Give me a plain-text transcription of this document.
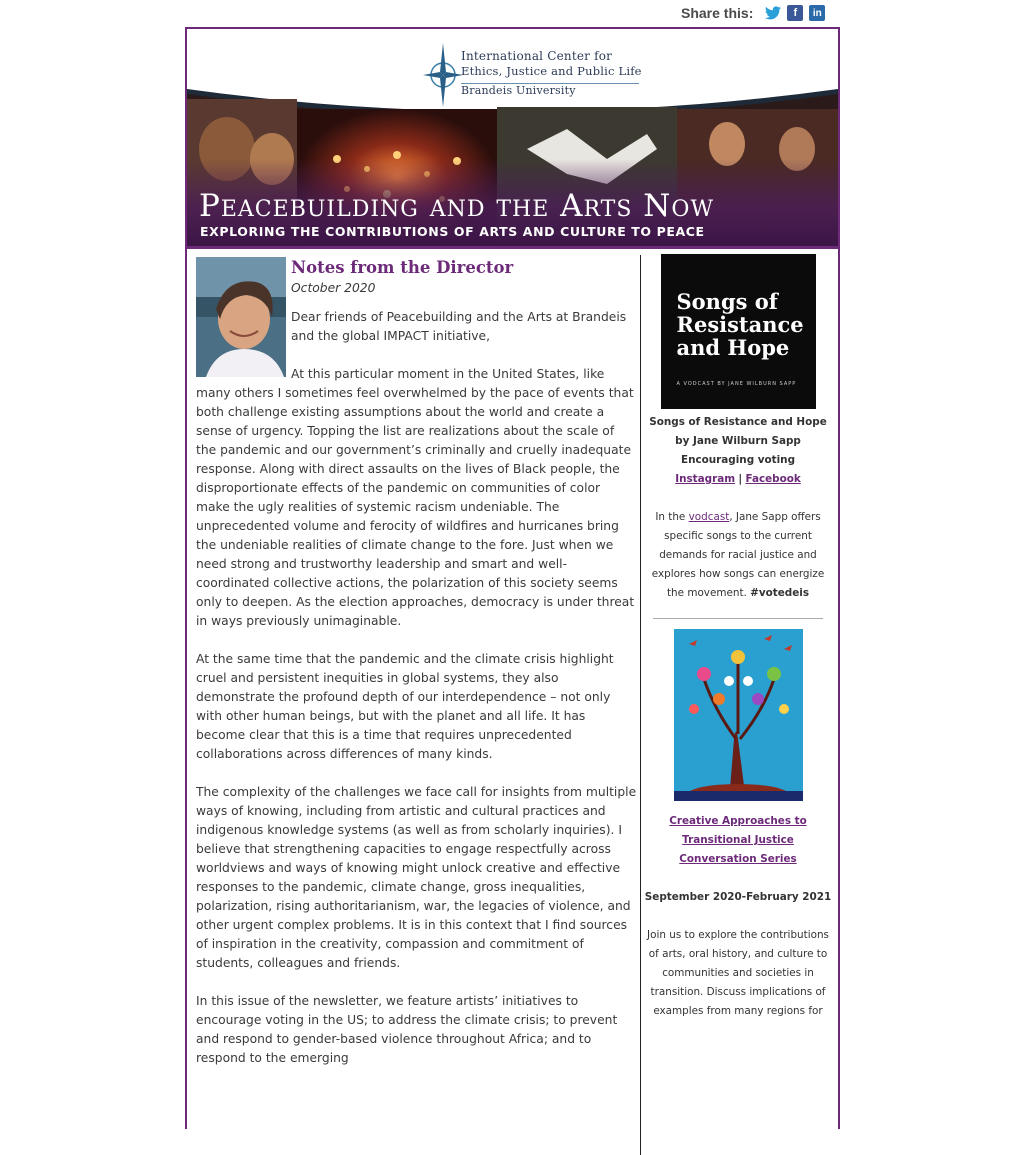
Share this:	f	in
International Center for
Ethics, Justice and Public Life
Brandeis University
Peacebuilding and the Arts Now
EXPLORING THE CONTRIBUTIONS OF ARTS AND CULTURE TO PEACE
Notes from the Director
October 2020

Dear friends of Peacebuilding and the Arts at Brandeis and the global IMPACT initiative,

At this particular moment in the United States, like many others I sometimes feel overwhelmed by the pace of events that both challenge existing assumptions about the world and create a sense of urgency. Topping the list are realizations about the scale of the pandemic and our government’s criminally and cruelly inadequate response. Along with direct assaults on the lives of Black people, the disproportionate effects of the pandemic on communities of color make the ugly realities of systemic racism undeniable. The unprecedented volume and ferocity of wildfires and hurricanes bring the undeniable realities of climate change to the fore. Just when we need strong and trustworthy leadership and smart and well-coordinated collective actions, the polarization of this society seems only to deepen. As the election approaches, democracy is under threat in ways previously unimaginable.

At the same time that the pandemic and the climate crisis highlight cruel and persistent inequities in global systems, they also demonstrate the profound depth of our interdependence – not only with other human beings, but with the planet and all life. It has become clear that this is a time that requires unprecedented collaborations across differences of many kinds.

The complexity of the challenges we face call for insights from multiple ways of knowing, including from artistic and cultural practices and indigenous knowledge systems (as well as from scholarly inquiries). I believe that strengthening capacities to engage respectfully across worldviews and ways of knowing might unlock creative and effective responses to the pandemic, climate change, gross inequalities, polarization, rising authoritarianism, war, the legacies of violence, and other urgent complex problems. It is in this context that I find sources of inspiration in the creativity, compassion and commitment of students, colleagues and friends.

In this issue of the newsletter, we feature artists’ initiatives to encourage voting in the US; to address the climate crisis; to prevent and respond to gender-based violence throughout Africa; and to respond to the emerging

Songs of Resistance and Hope
A VODCAST BY JANE WILBURN SAPP
Songs of Resistance and Hope
by Jane Wilburn Sapp
Encouraging voting
Instagram | Facebook
In the vodcast, Jane Sapp offers specific songs to the current demands for racial justice and explores how songs can energize the movement. #votedeis
Creative Approaches to Transitional Justice Conversation Series
September 2020-February 2021
Join us to explore the contributions of arts, oral history, and culture to communities and societies in transition. Discuss implications of examples from many regions for
